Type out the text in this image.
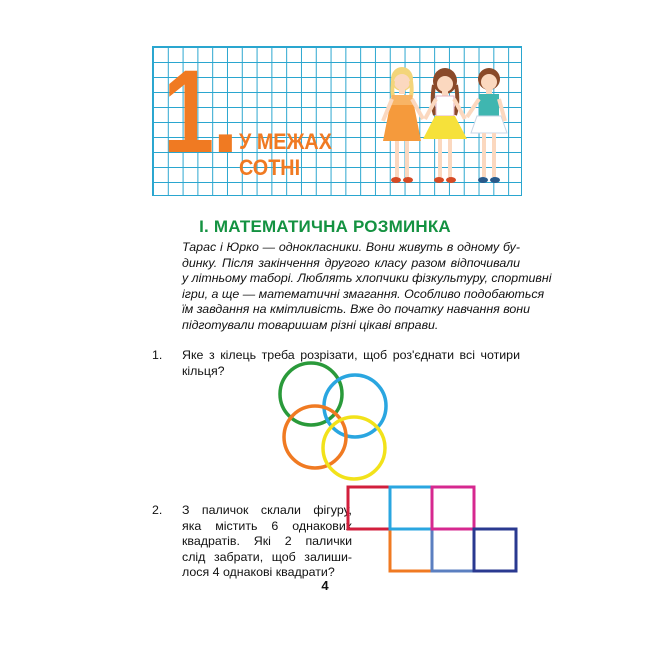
1. У МЕЖАХ
СОТНІ
І. МАТЕМАТИЧНА РОЗМИНКА
Тарас і Юрко — однокласники. Вони живуть в одному бу-
динку. Після закінчення другого класу разом відпочивали
у літньому таборі. Люблять хлопчики фізкультуру, спортивні
ігри, а ще — математичні змагання. Особливо подобаються
їм завдання на кмітливість. Вже до початку навчання вони
підготували товаришам різні цікаві вправи.
1. Яке з кілець треба розрізати, щоб роз'єднати всі чотири
кільця?
2. З паличок склали фігуру,
яка містить 6 однакових
квадратів. Які 2 палички
слід забрати, щоб залиши-
лося 4 однакові квадрати?
4
